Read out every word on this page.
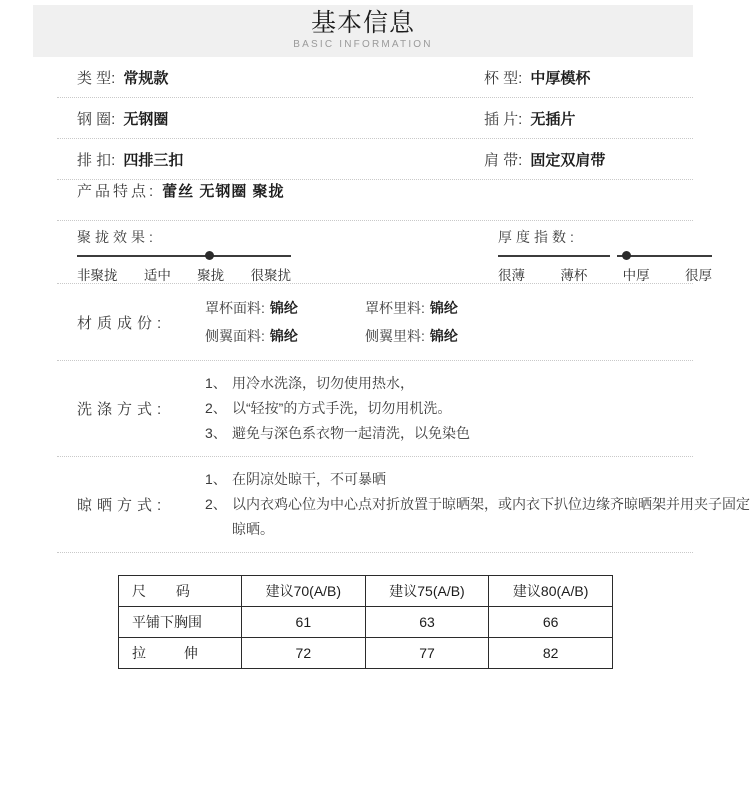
基本信息
BASIC INFORMATION
类 型: 常规款	杯 型: 中厚模杯
钢 圈: 无钢圈	插 片: 无插片
排 扣: 四排三扣	肩 带: 固定双肩带
产品特点: 蕾丝 无钢圈 聚拢
聚拢效果:
非聚拢 适中 聚拢 很聚扰
厚度指数:
很薄	薄杯	中厚	很厚
材质成份:
罩杯面料: 锦纶	罩杯里料: 锦纶
侧翼面料: 锦纶	侧翼里料: 锦纶
洗涤方式:
1、 用冷水洗涤，切勿使用热水，
2、 以“轻按”的方式手洗，切勿用机洗。
3、 避免与深色系衣物一起清洗，以免染色
晾晒方式:
1、 在阴凉处晾干，不可暴晒
2、 以内衣鸡心位为中心点对折放置于晾晒架，或内衣下扒位边缘齐晾晒架并用夹子固定晾晒。
尺 码	建议70(A/B)	建议75(A/B)	建议80(A/B)
平铺下胸围	61	63	66
拉 伸	72	77	82
